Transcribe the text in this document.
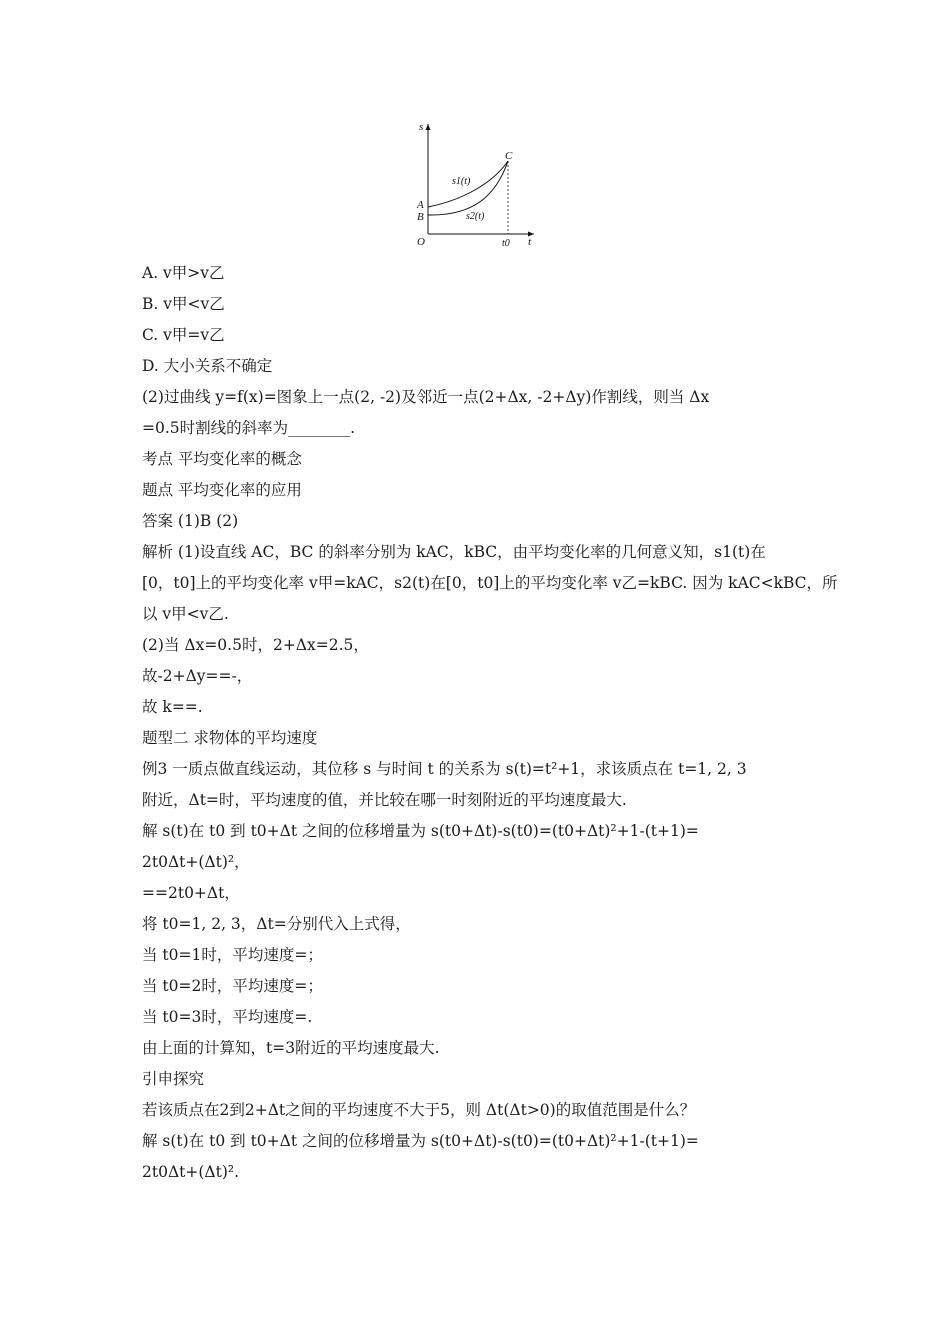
s
t
O
A
B
C
s1(t)
s2(t)
t0
A. v甲>v乙
B. v甲<v乙
C. v甲=v乙
D. 大小关系不确定
(2)过曲线 y=f(x)=图象上一点(2, -2)及邻近一点(2+Δx, -2+Δy)作割线，则当 Δx
=0.5时割线的斜率为________.
考点 平均变化率的概念
题点 平均变化率的应用
答案 (1)B (2)
解析 (1)设直线 AC，BC 的斜率分别为 kAC，kBC，由平均变化率的几何意义知，s1(t)在
[0，t0]上的平均变化率 v甲=kAC，s2(t)在[0，t0]上的平均变化率 v乙=kBC. 因为 kAC<kBC，所
以 v甲<v乙.
(2)当 Δx=0.5时，2+Δx=2.5，
故-2+Δy==-，
故 k==.
题型二 求物体的平均速度
例3 一质点做直线运动，其位移 s 与时间 t 的关系为 s(t)=t²+1，求该质点在 t=1, 2, 3
附近，Δt=时，平均速度的值，并比较在哪一时刻附近的平均速度最大.
解 s(t)在 t0 到 t0+Δt 之间的位移增量为 s(t0+Δt)-s(t0)=(t0+Δt)²+1-(t+1)=
2t0Δt+(Δt)²，
==2t0+Δt，
将 t0=1, 2, 3，Δt=分别代入上式得，
当 t0=1时，平均速度=；
当 t0=2时，平均速度=；
当 t0=3时，平均速度=.
由上面的计算知，t=3附近的平均速度最大.
引申探究
若该质点在2到2+Δt之间的平均速度不大于5，则 Δt(Δt>0)的取值范围是什么？
解 s(t)在 t0 到 t0+Δt 之间的位移增量为 s(t0+Δt)-s(t0)=(t0+Δt)²+1-(t+1)=
2t0Δt+(Δt)².
